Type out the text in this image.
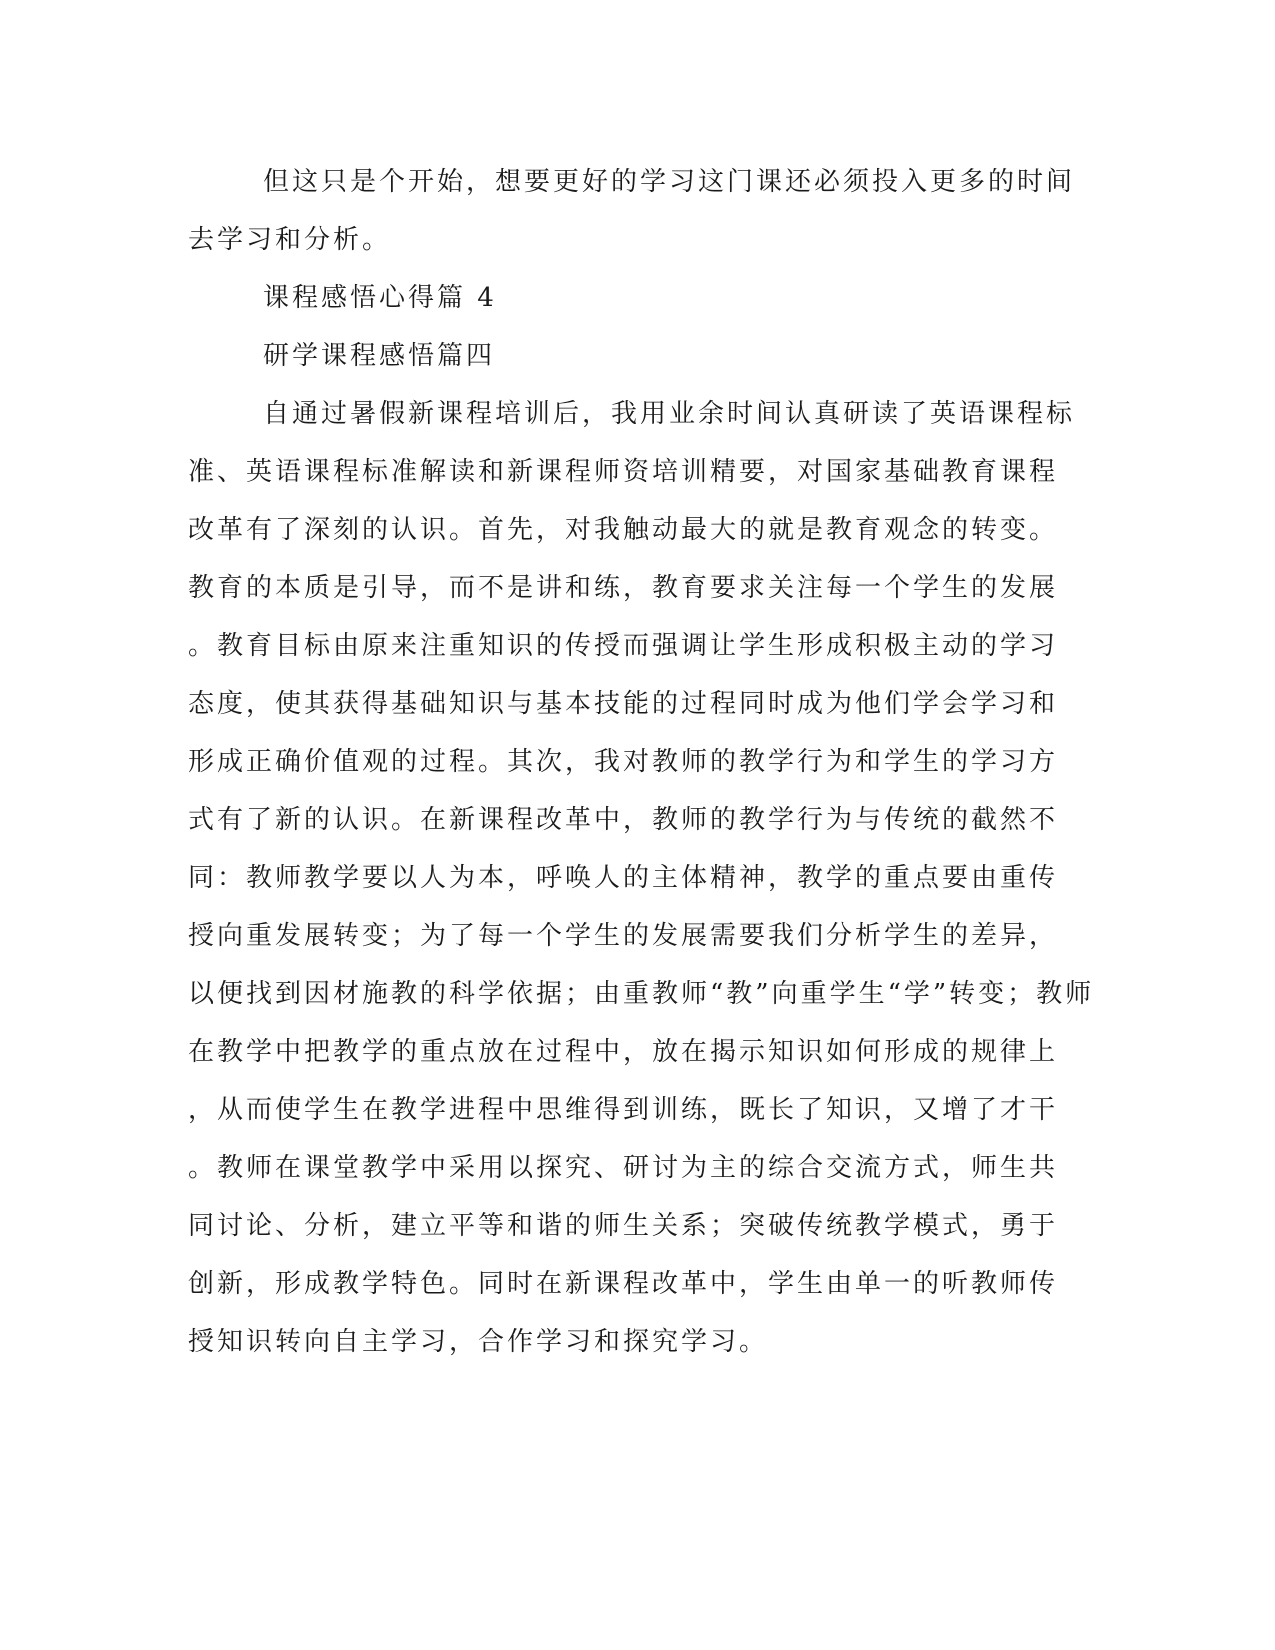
但这只是个开始，想要更好的学习这门课还必须投入更多的时间

去学习和分析。

课程感悟心得篇 4

研学课程感悟篇四

自通过暑假新课程培训后，我用业余时间认真研读了英语课程标

准、英语课程标准解读和新课程师资培训精要，对国家基础教育课程

改革有了深刻的认识。首先，对我触动最大的就是教育观念的转变。

教育的本质是引导，而不是讲和练，教育要求关注每一个学生的发展

。教育目标由原来注重知识的传授而强调让学生形成积极主动的学习

态度，使其获得基础知识与基本技能的过程同时成为他们学会学习和

形成正确价值观的过程。其次，我对教师的教学行为和学生的学习方

式有了新的认识。在新课程改革中，教师的教学行为与传统的截然不

同：教师教学要以人为本，呼唤人的主体精神，教学的重点要由重传

授向重发展转变；为了每一个学生的发展需要我们分析学生的差异，

以便找到因材施教的科学依据；由重教师“教”向重学生“学”转变；教师

在教学中把教学的重点放在过程中，放在揭示知识如何形成的规律上

，从而使学生在教学进程中思维得到训练，既长了知识，又增了才干

。教师在课堂教学中采用以探究、研讨为主的综合交流方式，师生共

同讨论、分析，建立平等和谐的师生关系；突破传统教学模式，勇于

创新，形成教学特色。同时在新课程改革中，学生由单一的听教师传

授知识转向自主学习，合作学习和探究学习。
